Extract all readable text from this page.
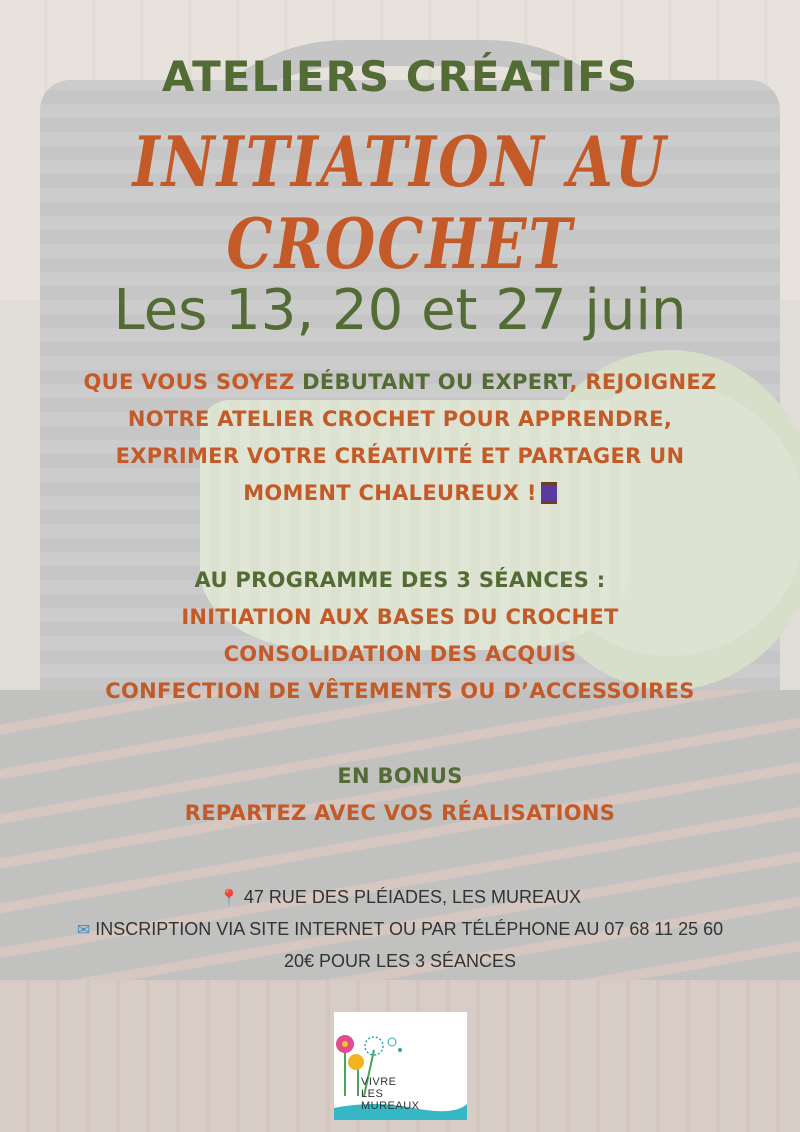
ATELIERS CRÉATIFS
INITIATION AU CROCHET
Les 13, 20 et 27 juin
QUE VOUS SOYEZ DÉBUTANT OU EXPERT, REJOIGNEZ
NOTRE ATELIER CROCHET POUR APPRENDRE,
EXPRIMER VOTRE CRÉATIVITÉ ET PARTAGER UN
MOMENT CHALEUREUX !
AU PROGRAMME DES 3 SÉANCES :
INITIATION AUX BASES DU CROCHET
CONSOLIDATION DES ACQUIS
CONFECTION DE VÊTEMENTS OU D’ACCESSOIRES
EN BONUS
REPARTEZ AVEC VOS RÉALISATIONS
📍 47 RUE DES PLÉIADES, LES MUREAUX
✉ INSCRIPTION VIA SITE INTERNET OU PAR TÉLÉPHONE AU 07 68 11 25 60
20€ POUR LES 3 SÉANCES
VIVRE
LES
MUREAUX
